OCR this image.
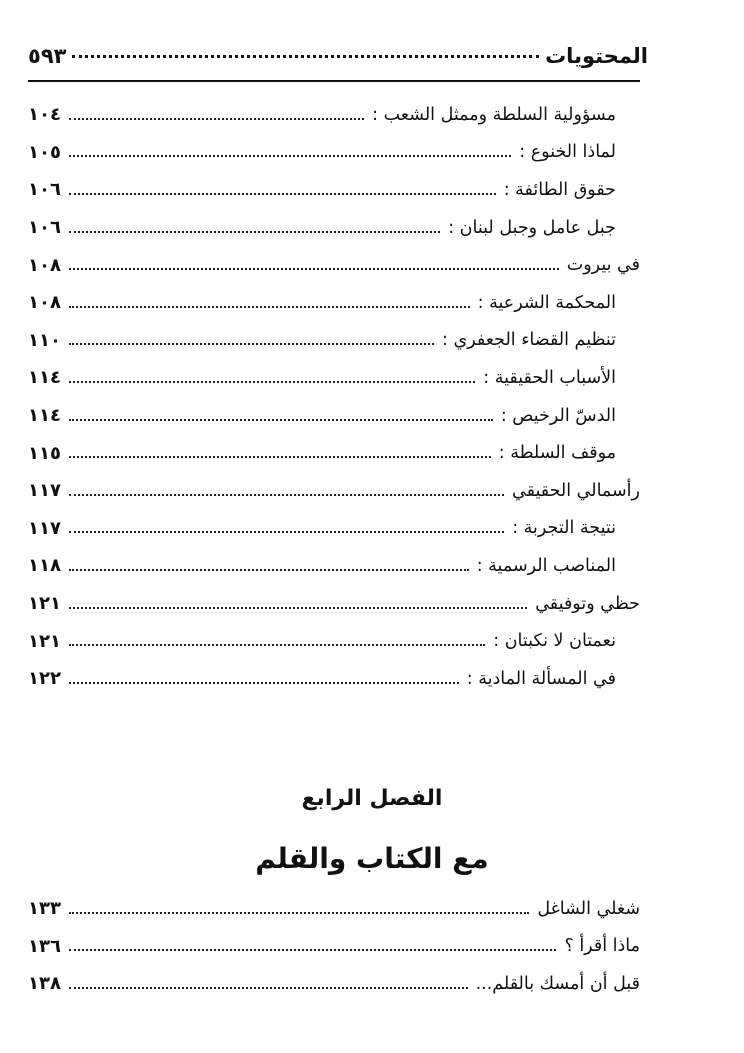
المحتويات
٥٩٣
مسؤولية السلطة وممثل الشعب :
١٠٤
لماذا الخنوع :
١٠٥
حقوق الطائفة :
١٠٦
جبل عامل وجبل لبنان :
١٠٦
في بيروت
١٠٨
المحكمة الشرعية :
١٠٨
تنظيم القضاء الجعفري :
١١٠
الأسباب الحقيقية :
١١٤
الدسّ الرخيص :
١١٤
موقف السلطة :
١١٥
رأسمالي الحقيقي
١١٧
نتيجة التجربة :
١١٧
المناصب الرسمية :
١١٨
حظي وتوفيقي
١٢١
نعمتان لا نكبتان :
١٢١
في المسألة المادية :
١٢٢
الفصل الرابع
مع الكتاب والقلم
شغلي الشاغل
١٣٣
ماذا أقرأ ؟
١٣٦
قبل أن أمسك بالقلم...
١٣٨
